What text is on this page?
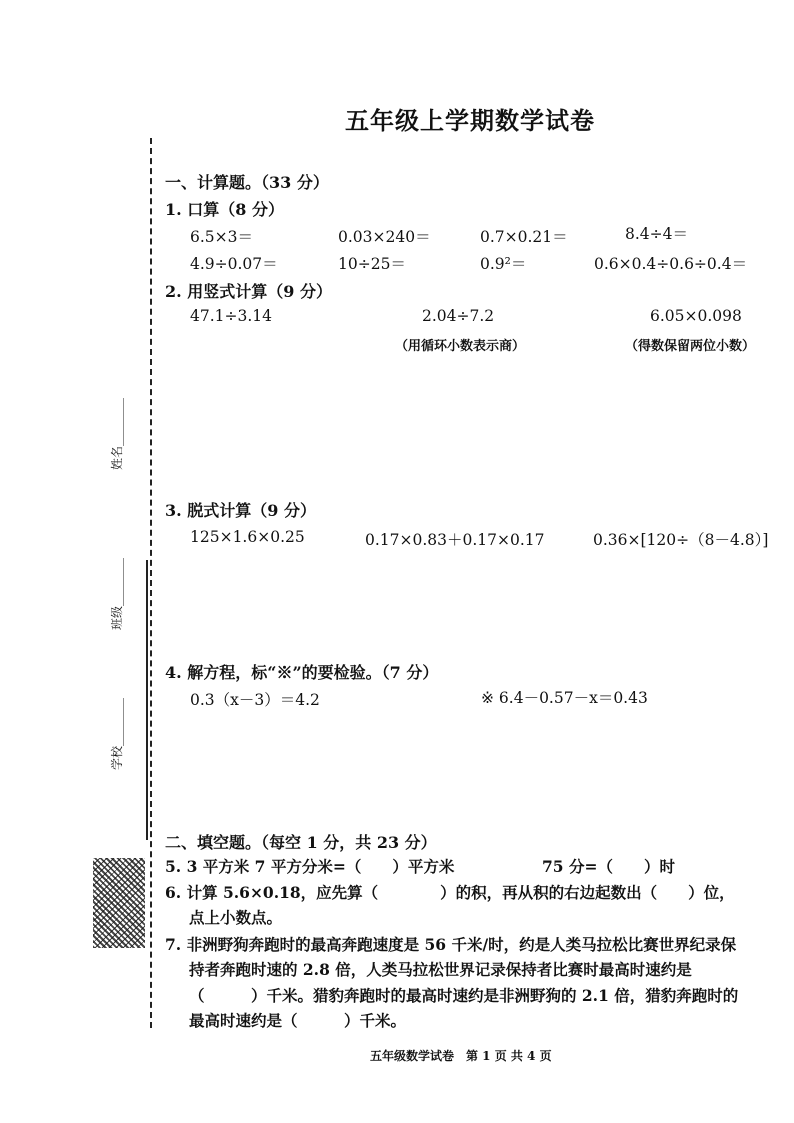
姓名________
班级________
学校________
五年级上学期数学试卷
一、计算题。（33 分）
1. 口算（8 分）
6.5×3＝	0.03×240＝	0.7×0.21＝	8.4÷4＝
4.9÷0.07＝	10÷25＝	0.9²＝	0.6×0.4÷0.6÷0.4＝
2. 用竖式计算（9 分）
47.1÷3.14	2.04÷7.2	6.05×0.098
（用循环小数表示商）	（得数保留两位小数）
3. 脱式计算（9 分）
125×1.6×0.25	0.17×0.83＋0.17×0.17	0.36×[120÷（8－4.8）]
4. 解方程，标“※”的要检验。（7 分）
0.3（x－3）＝4.2	※ 6.4－0.57－x＝0.43
二、填空题。（每空 1 分，共 23 分）
5. 3 平方米 7 平方分米=（　　）平方米	75 分=（　　）时
6. 计算 5.6×0.18，应先算（　　　　）的积，再从积的右边起数出（　　）位，
点上小数点。
7. 非洲野狗奔跑时的最高奔跑速度是 56 千米/时，约是人类马拉松比赛世界纪录保
持者奔跑时速的 2.8 倍，人类马拉松世界记录保持者比赛时最高时速约是
（　　　）千米。猎豹奔跑时的最高时速约是非洲野狗的 2.1 倍，猎豹奔跑时的
最高时速约是（　　　）千米。
五年级数学试卷　第 1 页 共 4 页
